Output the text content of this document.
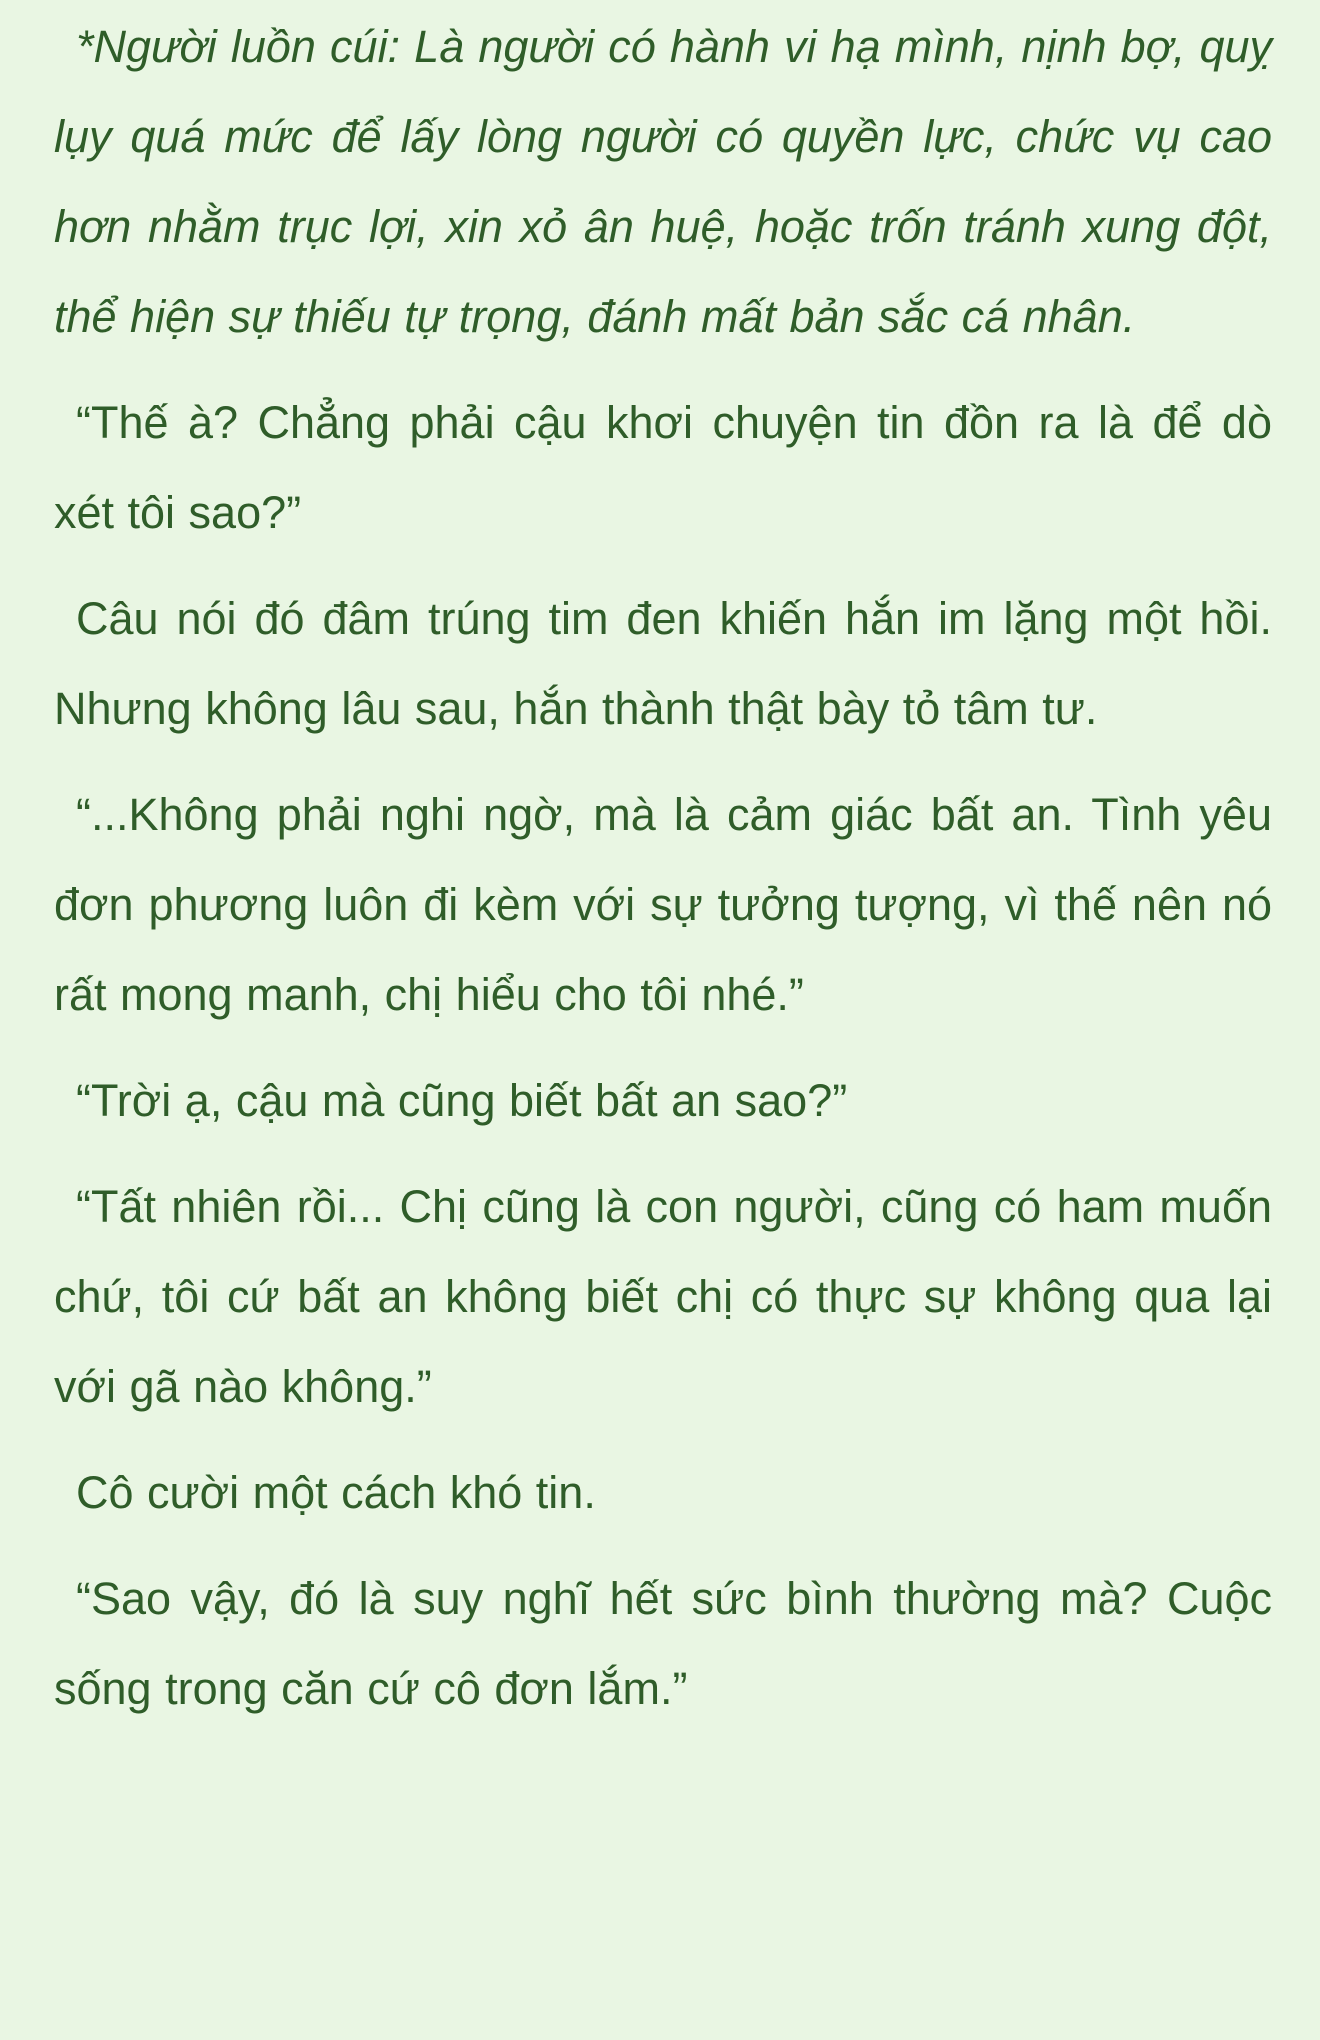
*Người luồn cúi: Là người có hành vi hạ mình, nịnh bợ, quỵ lụy quá mức để lấy lòng người có quyền lực, chức vụ cao hơn nhằm trục lợi, xin xỏ ân huệ, hoặc trốn tránh xung đột, thể hiện sự thiếu tự trọng, đánh mất bản sắc cá nhân.

“Thế à? Chẳng phải cậu khơi chuyện tin đồn ra là để dò xét tôi sao?”

Câu nói đó đâm trúng tim đen khiến hắn im lặng một hồi. Nhưng không lâu sau, hắn thành thật bày tỏ tâm tư.

“...Không phải nghi ngờ, mà là cảm giác bất an. Tình yêu đơn phương luôn đi kèm với sự tưởng tượng, vì thế nên nó rất mong manh, chị hiểu cho tôi nhé.”

“Trời ạ, cậu mà cũng biết bất an sao?”

“Tất nhiên rồi... Chị cũng là con người, cũng có ham muốn chứ, tôi cứ bất an không biết chị có thực sự không qua lại với gã nào không.”

Cô cười một cách khó tin.

“Sao vậy, đó là suy nghĩ hết sức bình thường mà? Cuộc sống trong căn cứ cô đơn lắm.”
